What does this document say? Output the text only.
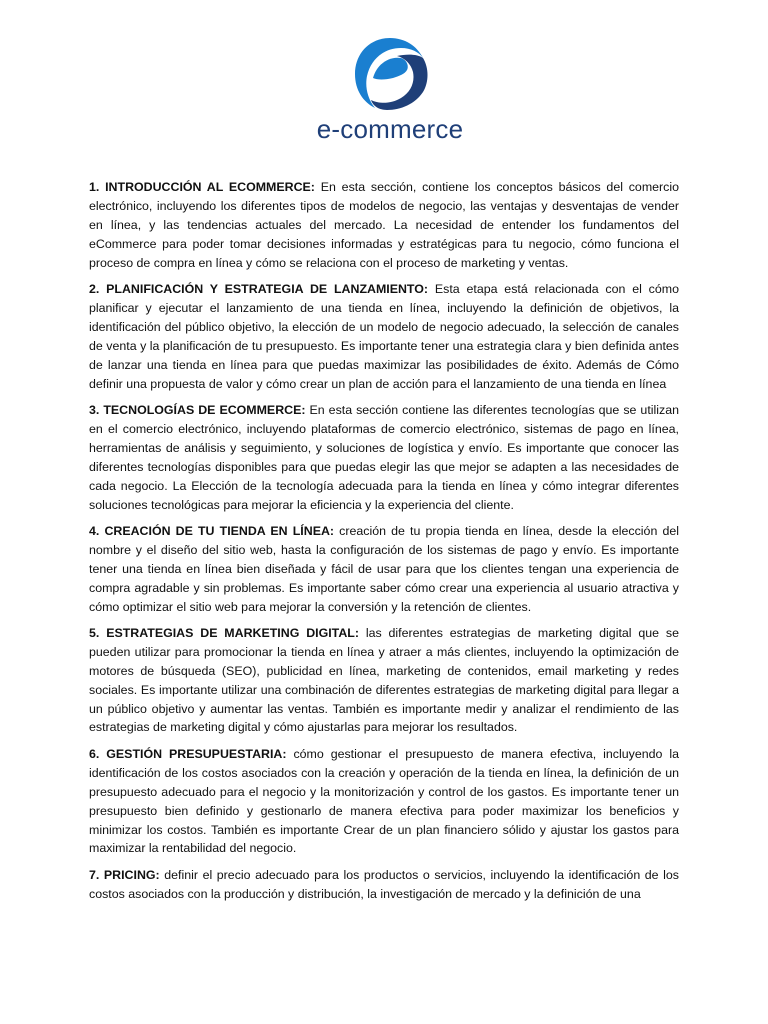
e-commerce

1. INTRODUCCIÓN AL ECOMMERCE: En esta sección, contiene los conceptos básicos del comercio electrónico, incluyendo los diferentes tipos de modelos de negocio, las ventajas y desventajas de vender en línea, y las tendencias actuales del mercado. La necesidad de entender los fundamentos del eCommerce para poder tomar decisiones informadas y estratégicas para tu negocio, cómo funciona el proceso de compra en línea y cómo se relaciona con el proceso de marketing y ventas.

2. PLANIFICACIÓN Y ESTRATEGIA DE LANZAMIENTO: Esta etapa está relacionada con el cómo planificar y ejecutar el lanzamiento de una tienda en línea, incluyendo la definición de objetivos, la identificación del público objetivo, la elección de un modelo de negocio adecuado, la selección de canales de venta y la planificación de tu presupuesto. Es importante tener una estrategia clara y bien definida antes de lanzar una tienda en línea para que puedas maximizar las posibilidades de éxito. Además de Cómo definir una propuesta de valor y cómo crear un plan de acción para el lanzamiento de una tienda en línea

3. TECNOLOGÍAS DE ECOMMERCE: En esta sección contiene las diferentes tecnologías que se utilizan en el comercio electrónico, incluyendo plataformas de comercio electrónico, sistemas de pago en línea, herramientas de análisis y seguimiento, y soluciones de logística y envío. Es importante que conocer las diferentes tecnologías disponibles para que puedas elegir las que mejor se adapten a las necesidades de cada negocio. La Elección de la tecnología adecuada para la tienda en línea y cómo integrar diferentes soluciones tecnológicas para mejorar la eficiencia y la experiencia del cliente.

4. CREACIÓN DE TU TIENDA EN LÍNEA: creación de tu propia tienda en línea, desde la elección del nombre y el diseño del sitio web, hasta la configuración de los sistemas de pago y envío. Es importante tener una tienda en línea bien diseñada y fácil de usar para que los clientes tengan una experiencia de compra agradable y sin problemas. Es importante saber cómo crear una experiencia al usuario atractiva y cómo optimizar el sitio web para mejorar la conversión y la retención de clientes.

5. ESTRATEGIAS DE MARKETING DIGITAL: las diferentes estrategias de marketing digital que se pueden utilizar para promocionar la tienda en línea y atraer a más clientes, incluyendo la optimización de motores de búsqueda (SEO), publicidad en línea, marketing de contenidos, email marketing y redes sociales. Es importante utilizar una combinación de diferentes estrategias de marketing digital para llegar a un público objetivo y aumentar las ventas. También es importante medir y analizar el rendimiento de las estrategias de marketing digital y cómo ajustarlas para mejorar los resultados.

6. GESTIÓN PRESUPUESTARIA: cómo gestionar el presupuesto de manera efectiva, incluyendo la identificación de los costos asociados con la creación y operación de la tienda en línea, la definición de un presupuesto adecuado para el negocio y la monitorización y control de los gastos. Es importante tener un presupuesto bien definido y gestionarlo de manera efectiva para poder maximizar los beneficios y minimizar los costos. También es importante Crear de un plan financiero sólido y ajustar los gastos para maximizar la rentabilidad del negocio.

7. PRICING: definir el precio adecuado para los productos o servicios, incluyendo la identificación de los costos asociados con la producción y distribución, la investigación de mercado y la definición de una
